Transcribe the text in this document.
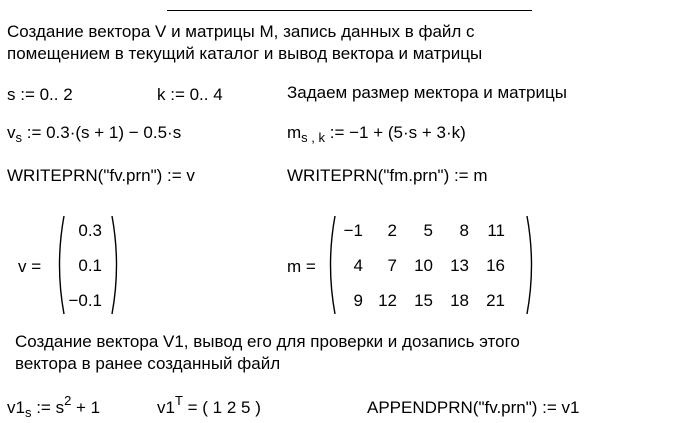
Создание вектора V и матрицы M, запись данных в файл с
помещением в текущий каталог и вывод вектора и матрицы
s := 0.. 2	k := 0.. 4	Задаем размер мектора и матрицы
$v_s$ := 0.3·(s + 1) − 0.5·s	$m_{s , k}$ := −1 + (5·s + 3·k)
WRITEPRN("fv.prn") := v	WRITEPRN("fm.prn") := m
v =
0.3
0.1
−0.1
m =
−1	2	5	8	11
4	7 10 13 16
9 12 15 18 21
Создание вектора V1, вывод его для проверки и дозапись этого
вектора в ранее созданный файл
$v1_s$ := $s^2 + 1$	$v1^T$ = ( 1 2 5 )	APPENDPRN("fv.prn") := v1
